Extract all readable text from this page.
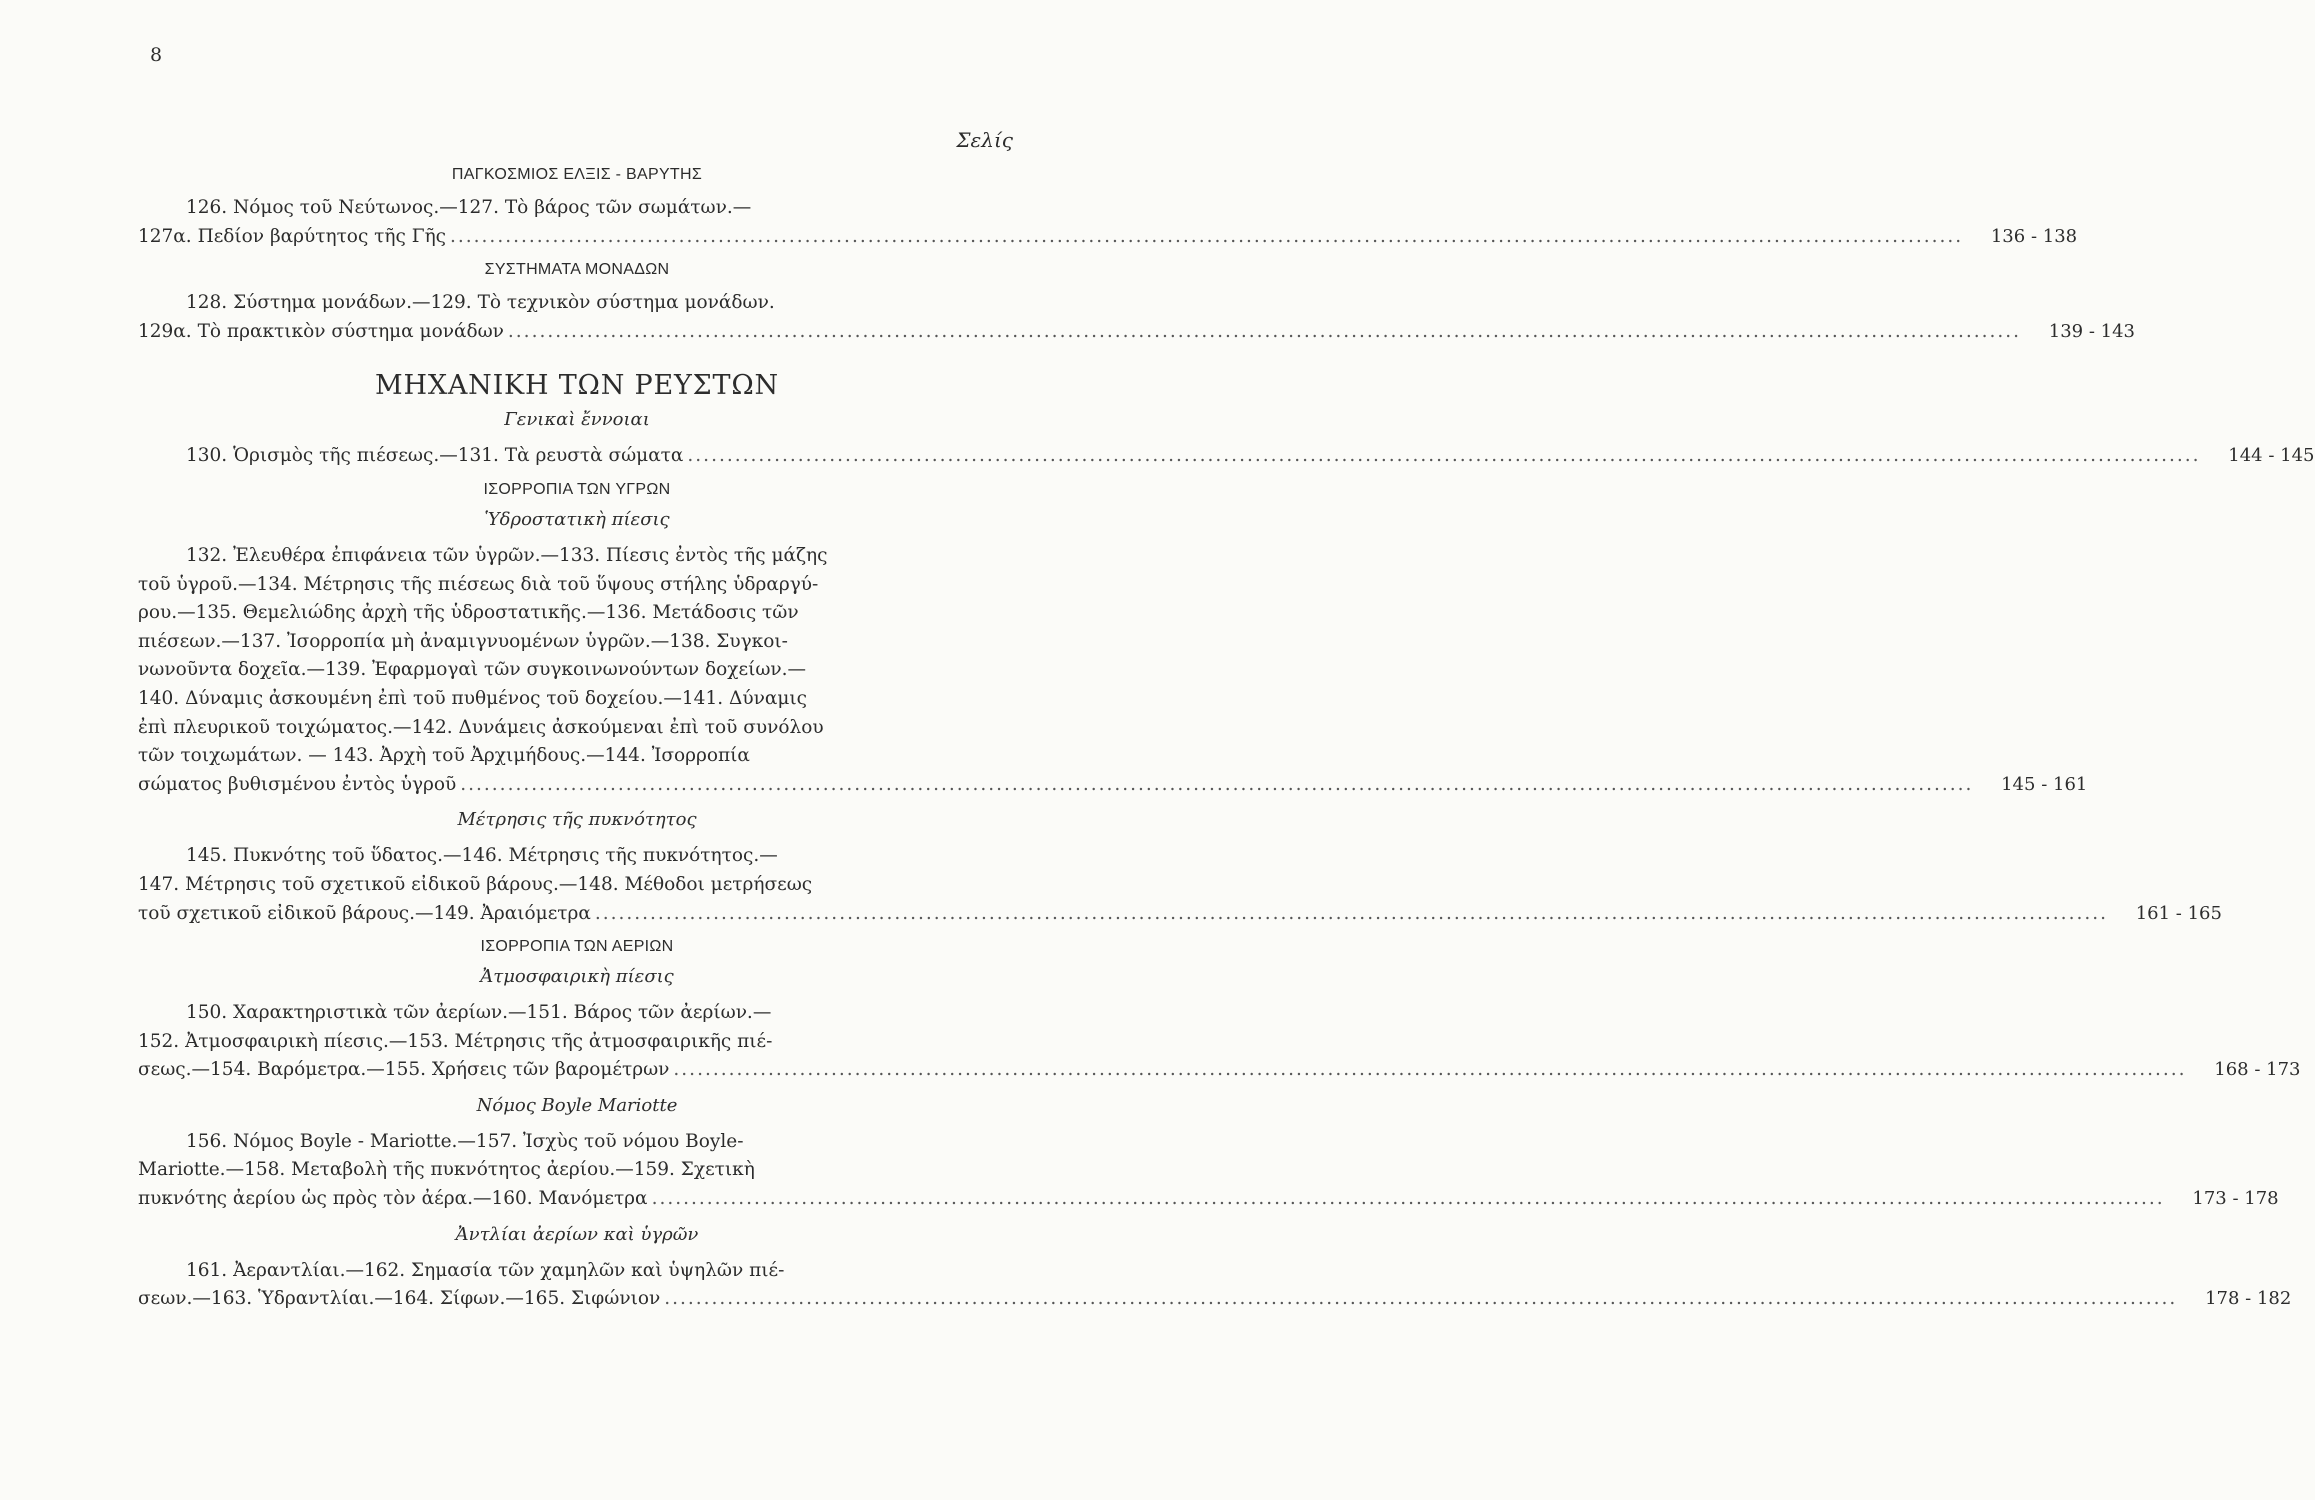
8
Σελίς
ΠΑΓΚΟΣΜΙΟΣ ΕΛΞΙΣ - ΒΑΡΥΤΗΣ

126. Νόμος τοῦ Νεύτωνος.—127. Τὸ βάρος τῶν σωμάτων.—

127α. Πεδίον βαρύτητος τῆς Γῆς ................................................................................................................................................................................................	136 - 138
ΣΥΣΤΗΜΑΤΑ ΜΟΝΑΔΩΝ

128. Σύστημα μονάδων.—129. Τὸ τεχνικὸν σύστημα μονάδων.

129α. Τὸ πρακτικὸν σύστημα μονάδων ................................................................................................................................................................................................	139 - 143
ΜΗΧΑΝΙΚΗ ΤΩΝ ΡΕΥΣΤΩΝ
Γενικαὶ ἔννοιαι
130. Ὁρισμὸς τῆς πιέσεως.—131. Τὰ ρευστὰ σώματα ................................................................................................................................................................................................	144 - 145
ΙΣΟΡΡΟΠΙΑ ΤΩΝ ΥΓΡΩΝ
Ὑδροστατικὴ πίεσις

132. Ἐλευθέρα ἐπιφάνεια τῶν ὑγρῶν.—133. Πίεσις ἐντὸς τῆς μάζης

τοῦ ὑγροῦ.—134. Μέτρησις τῆς πιέσεως διὰ τοῦ ὕψους στήλης ὑδραργύ-

ρου.—135. Θεμελιώδης ἀρχὴ τῆς ὑδροστατικῆς.—136. Μετάδοσις τῶν

πιέσεων.—137. Ἰσορροπία μὴ ἀναμιγνυομένων ὑγρῶν.—138. Συγκοι-

νωνοῦντα δοχεῖα.—139. Ἐφαρμογαὶ τῶν συγκοινωνούντων δοχείων.—

140. Δύναμις ἀσκουμένη ἐπὶ τοῦ πυθμένος τοῦ δοχείου.—141. Δύναμις

ἐπὶ πλευρικοῦ τοιχώματος.—142. Δυνάμεις ἀσκούμεναι ἐπὶ τοῦ συνόλου

τῶν τοιχωμάτων. — 143. Ἀρχὴ τοῦ Ἀρχιμήδους.—144. Ἰσορροπία

σώματος βυθισμένου ἐντὸς ὑγροῦ ................................................................................................................................................................................................	145 - 161
Μέτρησις τῆς πυκνότητος

145. Πυκνότης τοῦ ὕδατος.—146. Μέτρησις τῆς πυκνότητος.—

147. Μέτρησις τοῦ σχετικοῦ εἰδικοῦ βάρους.—148. Μέθοδοι μετρήσεως

τοῦ σχετικοῦ εἰδικοῦ βάρους.—149. Ἀραιόμετρα ................................................................................................................................................................................................	161 - 165
ΙΣΟΡΡΟΠΙΑ ΤΩΝ ΑΕΡΙΩΝ
Ἀτμοσφαιρικὴ πίεσις

150. Χαρακτηριστικὰ τῶν ἀερίων.—151. Βάρος τῶν ἀερίων.—

152. Ἀτμοσφαιρικὴ πίεσις.—153. Μέτρησις τῆς ἀτμοσφαιρικῆς πιέ-

σεως.—154. Βαρόμετρα.—155. Χρήσεις τῶν βαρομέτρων ................................................................................................................................................................................................	168 - 173
Νόμος Boyle Mariotte

156. Νόμος Boyle - Mariotte.—157. Ἰσχὺς τοῦ νόμου Boyle-

Mariotte.—158. Μεταβολὴ τῆς πυκνότητος ἀερίου.—159. Σχετικὴ

πυκνότης ἀερίου ὡς πρὸς τὸν ἀέρα.—160. Μανόμετρα ................................................................................................................................................................................................	173 - 178
Ἀντλίαι ἀερίων καὶ ὑγρῶν

161. Ἀεραντλίαι.—162. Σημασία τῶν χαμηλῶν καὶ ὑψηλῶν πιέ-

σεων.—163. Ὑδραντλίαι.—164. Σίφων.—165. Σιφώνιον ................................................................................................................................................................................................	178 - 182
